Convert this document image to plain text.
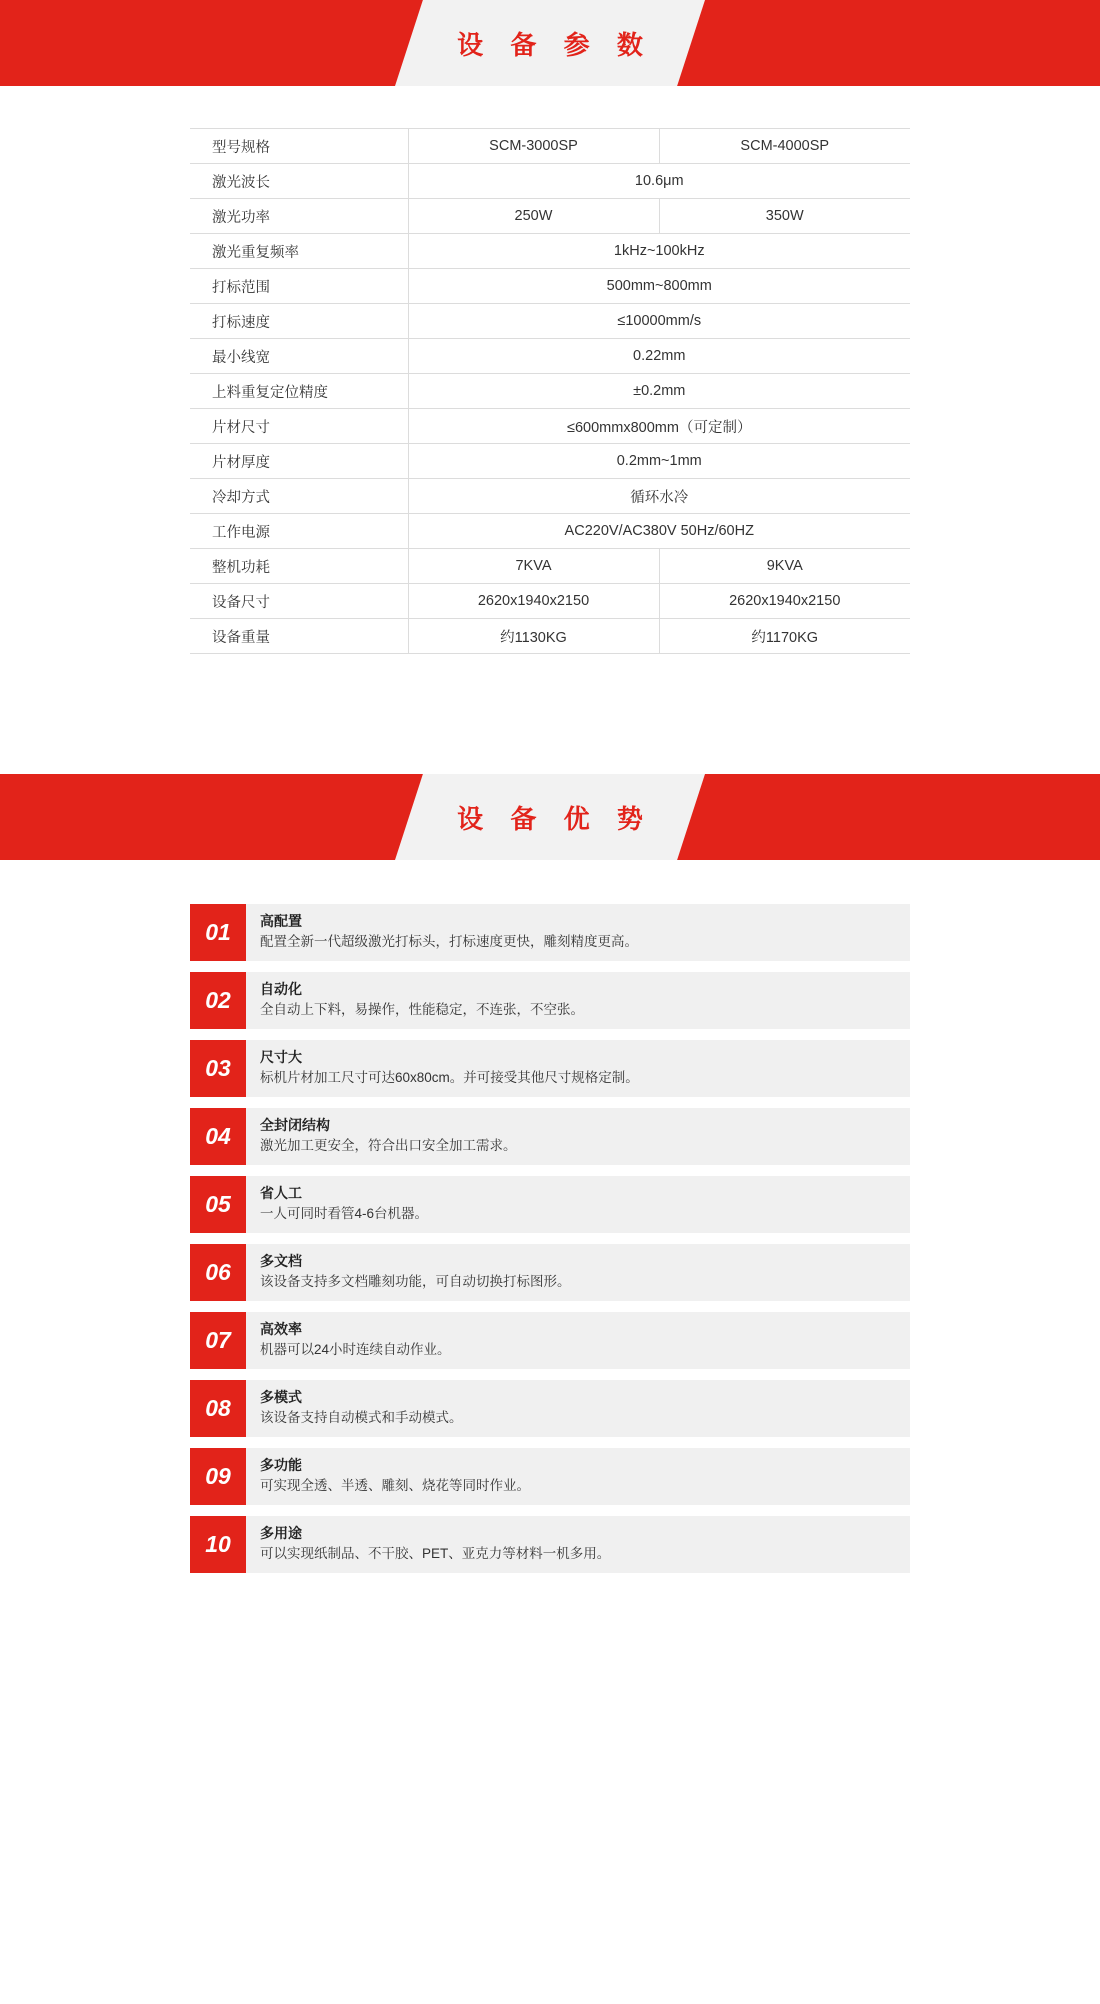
设 备 参 数
型号规格	SCM-3000SP	SCM-4000SP
激光波长	10.6μm	
激光功率	250W	350W
激光重复频率	1kHz~100kHz	
打标范围	500mm~800mm	
打标速度	≤10000mm/s	
最小线宽	0.22mm	
上料重复定位精度	±0.2mm	
片材尺寸	≤600mmx800mm（可定制）	
片材厚度	0.2mm~1mm	
冷却方式	循环水冷	
工作电源	AC220V/AC380V 50Hz/60HZ	
整机功耗	7KVA	9KVA
设备尺寸	2620x1940x2150	2620x1940x2150
设备重量	约1130KG	约1170KG
设 备 优 势
01	高配置
配置全新一代超级激光打标头，打标速度更快，雕刻精度更高。
02	自动化
全自动上下料，易操作，性能稳定，不连张，不空张。
03	尺寸大
标机片材加工尺寸可达60x80cm。并可接受其他尺寸规格定制。
04	全封闭结构
激光加工更安全，符合出口安全加工需求。
05	省人工
一人可同时看管4-6台机器。
06	多文档
该设备支持多文档雕刻功能，可自动切换打标图形。
07	高效率
机器可以24小时连续自动作业。
08	多模式
该设备支持自动模式和手动模式。
09	多功能
可实现全透、半透、雕刻、烧花等同时作业。
10	多用途
可以实现纸制品、不干胶、PET、亚克力等材料一机多用。
